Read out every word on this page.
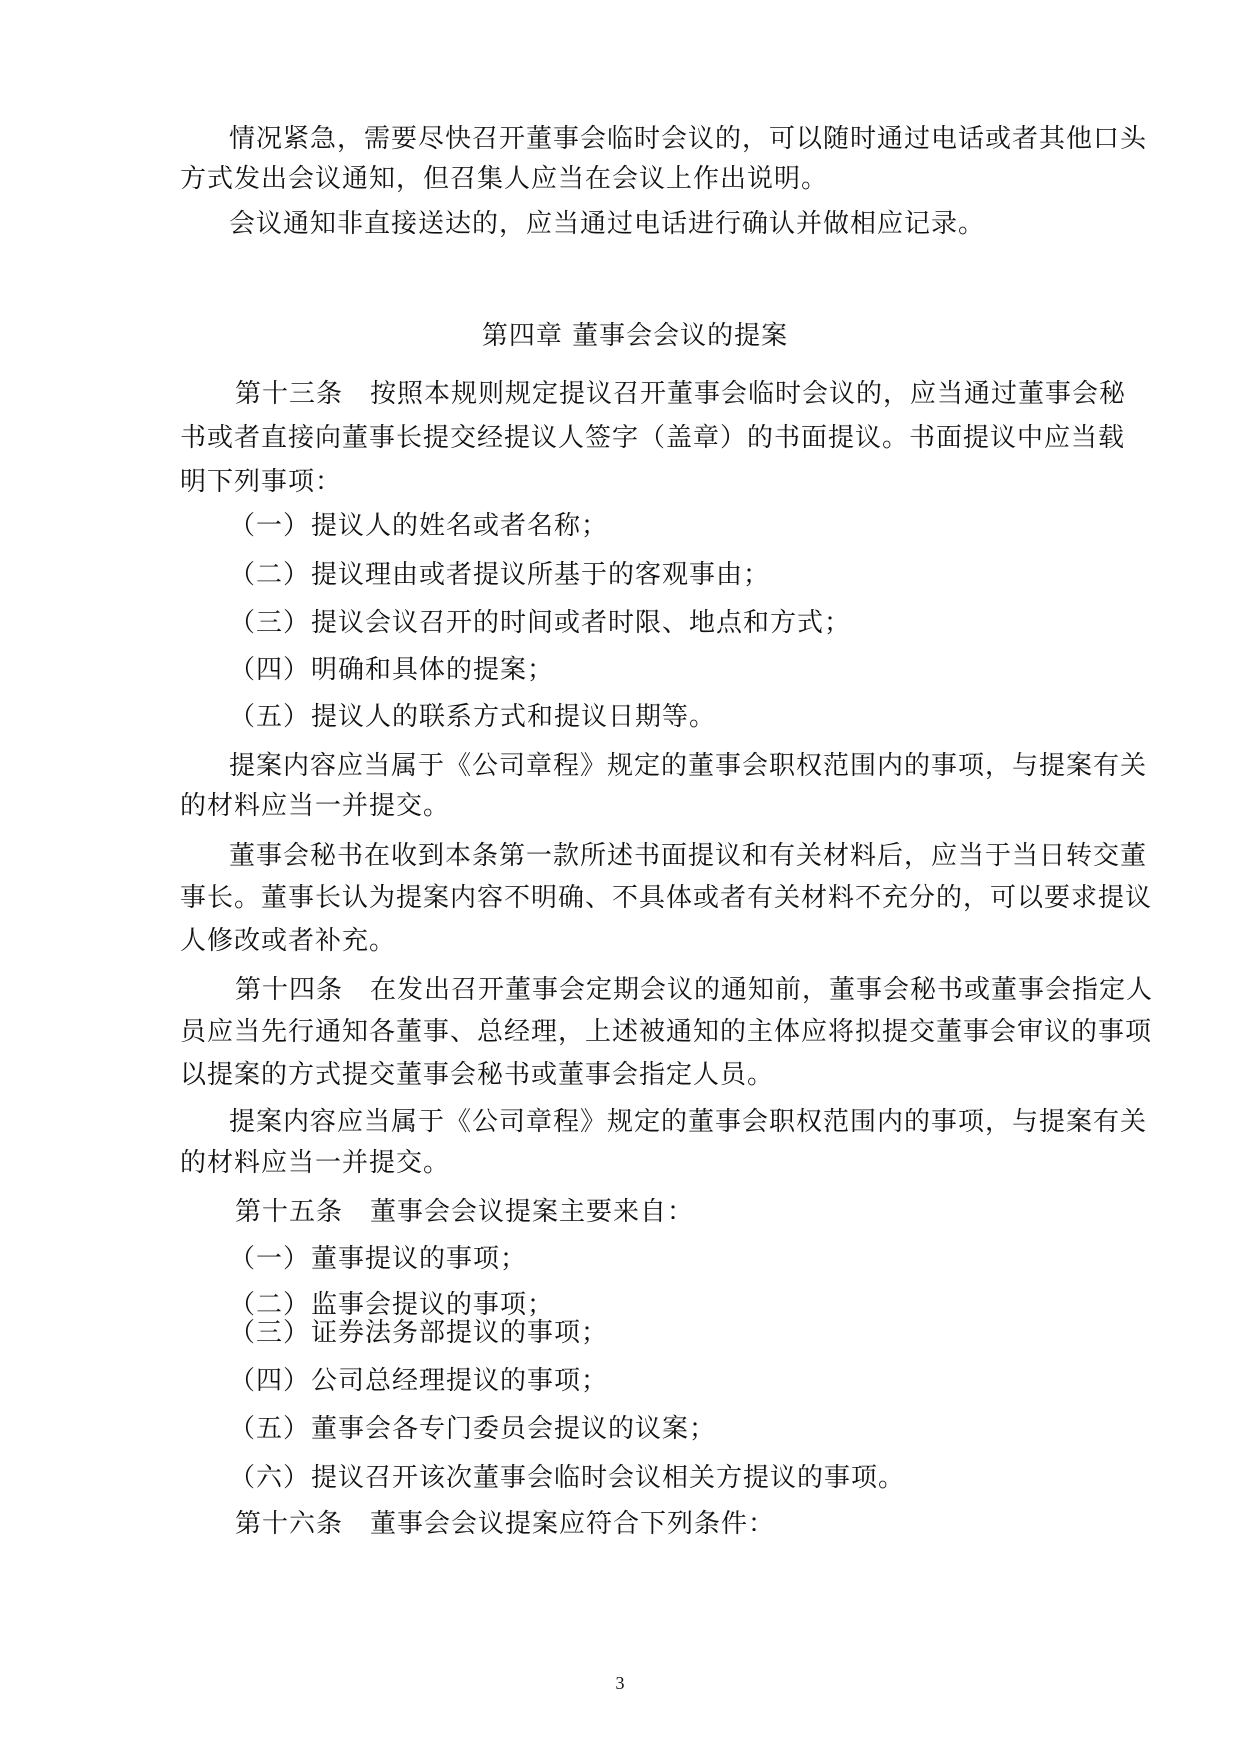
情况紧急，需要尽快召开董事会临时会议的，可以随时通过电话或者其他口头
方式发出会议通知，但召集人应当在会议上作出说明。
会议通知非直接送达的，应当通过电话进行确认并做相应记录。
第四章 董事会会议的提案
第十三条　按照本规则规定提议召开董事会临时会议的，应当通过董事会秘
书或者直接向董事长提交经提议人签字（盖章）的书面提议。书面提议中应当载
明下列事项：
（一）提议人的姓名或者名称；
（二）提议理由或者提议所基于的客观事由；
（三）提议会议召开的时间或者时限、地点和方式；
（四）明确和具体的提案；
（五）提议人的联系方式和提议日期等。
提案内容应当属于《公司章程》规定的董事会职权范围内的事项，与提案有关
的材料应当一并提交。
董事会秘书在收到本条第一款所述书面提议和有关材料后，应当于当日转交董
事长。董事长认为提案内容不明确、不具体或者有关材料不充分的，可以要求提议
人修改或者补充。
第十四条　在发出召开董事会定期会议的通知前，董事会秘书或董事会指定人
员应当先行通知各董事、总经理，上述被通知的主体应将拟提交董事会审议的事项
以提案的方式提交董事会秘书或董事会指定人员。
提案内容应当属于《公司章程》规定的董事会职权范围内的事项，与提案有关
的材料应当一并提交。
第十五条　董事会会议提案主要来自：
（一）董事提议的事项；
（二）监事会提议的事项；
（三）证券法务部提议的事项；
（四）公司总经理提议的事项；
（五）董事会各专门委员会提议的议案；
（六）提议召开该次董事会临时会议相关方提议的事项。
第十六条　董事会会议提案应符合下列条件：
3
